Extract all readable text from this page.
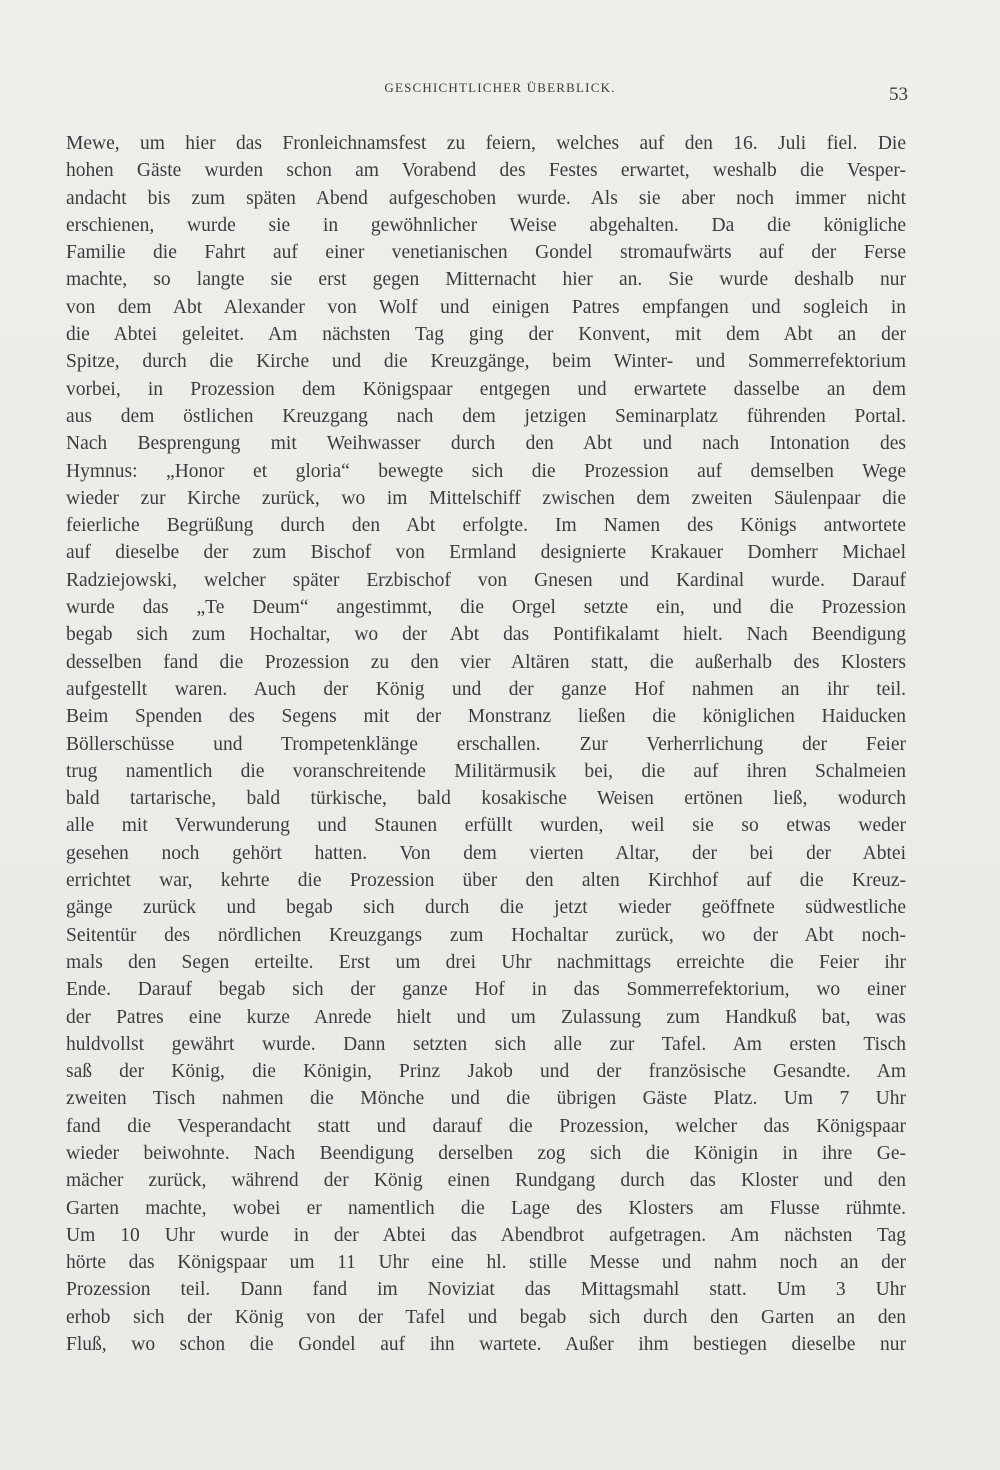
GESCHICHTLICHER ÜBERBLICK.	53
Mewe, um hier das Fronleichnamsfest zu feiern, welches auf den 16. Juli fiel. Die
hohen Gäste wurden schon am Vorabend des Festes erwartet, weshalb die Vesper-
andacht bis zum späten Abend aufgeschoben wurde. Als sie aber noch immer nicht
erschienen, wurde sie in gewöhnlicher Weise abgehalten. Da die königliche
Familie die Fahrt auf einer venetianischen Gondel stromaufwärts auf der Ferse
machte, so langte sie erst gegen Mitternacht hier an. Sie wurde deshalb nur
von dem Abt Alexander von Wolf und einigen Patres empfangen und sogleich in
die Abtei geleitet. Am nächsten Tag ging der Konvent, mit dem Abt an der
Spitze, durch die Kirche und die Kreuzgänge, beim Winter- und Sommerrefektorium
vorbei, in Prozession dem Königspaar entgegen und erwartete dasselbe an dem
aus dem östlichen Kreuzgang nach dem jetzigen Seminarplatz führenden Portal.
Nach Besprengung mit Weihwasser durch den Abt und nach Intonation des
Hymnus: „Honor et gloria“ bewegte sich die Prozession auf demselben Wege
wieder zur Kirche zurück, wo im Mittelschiff zwischen dem zweiten Säulenpaar die
feierliche Begrüßung durch den Abt erfolgte. Im Namen des Königs antwortete
auf dieselbe der zum Bischof von Ermland designierte Krakauer Domherr Michael
Radziejowski, welcher später Erzbischof von Gnesen und Kardinal wurde. Darauf
wurde das „Te Deum“ angestimmt, die Orgel setzte ein, und die Prozession
begab sich zum Hochaltar, wo der Abt das Pontifikalamt hielt. Nach Beendigung
desselben fand die Prozession zu den vier Altären statt, die außerhalb des Klosters
aufgestellt waren. Auch der König und der ganze Hof nahmen an ihr teil.
Beim Spenden des Segens mit der Monstranz ließen die königlichen Haiducken
Böllerschüsse und Trompetenklänge erschallen. Zur Verherrlichung der Feier
trug namentlich die voranschreitende Militärmusik bei, die auf ihren Schalmeien
bald tartarische, bald türkische, bald kosakische Weisen ertönen ließ, wodurch
alle mit Verwunderung und Staunen erfüllt wurden, weil sie so etwas weder
gesehen noch gehört hatten. Von dem vierten Altar, der bei der Abtei
errichtet war, kehrte die Prozession über den alten Kirchhof auf die Kreuz-
gänge zurück und begab sich durch die jetzt wieder geöffnete südwestliche
Seitentür des nördlichen Kreuzgangs zum Hochaltar zurück, wo der Abt noch-
mals den Segen erteilte. Erst um drei Uhr nachmittags erreichte die Feier ihr
Ende. Darauf begab sich der ganze Hof in das Sommerrefektorium, wo einer
der Patres eine kurze Anrede hielt und um Zulassung zum Handkuß bat, was
huldvollst gewährt wurde. Dann setzten sich alle zur Tafel. Am ersten Tisch
saß der König, die Königin, Prinz Jakob und der französische Gesandte. Am
zweiten Tisch nahmen die Mönche und die übrigen Gäste Platz. Um 7 Uhr
fand die Vesperandacht statt und darauf die Prozession, welcher das Königspaar
wieder beiwohnte. Nach Beendigung derselben zog sich die Königin in ihre Ge-
mächer zurück, während der König einen Rundgang durch das Kloster und den
Garten machte, wobei er namentlich die Lage des Klosters am Flusse rühmte.
Um 10 Uhr wurde in der Abtei das Abendbrot aufgetragen. Am nächsten Tag
hörte das Königspaar um 11 Uhr eine hl. stille Messe und nahm noch an der
Prozession teil. Dann fand im Noviziat das Mittagsmahl statt. Um 3 Uhr
erhob sich der König von der Tafel und begab sich durch den Garten an den
Fluß, wo schon die Gondel auf ihn wartete. Außer ihm bestiegen dieselbe nur
